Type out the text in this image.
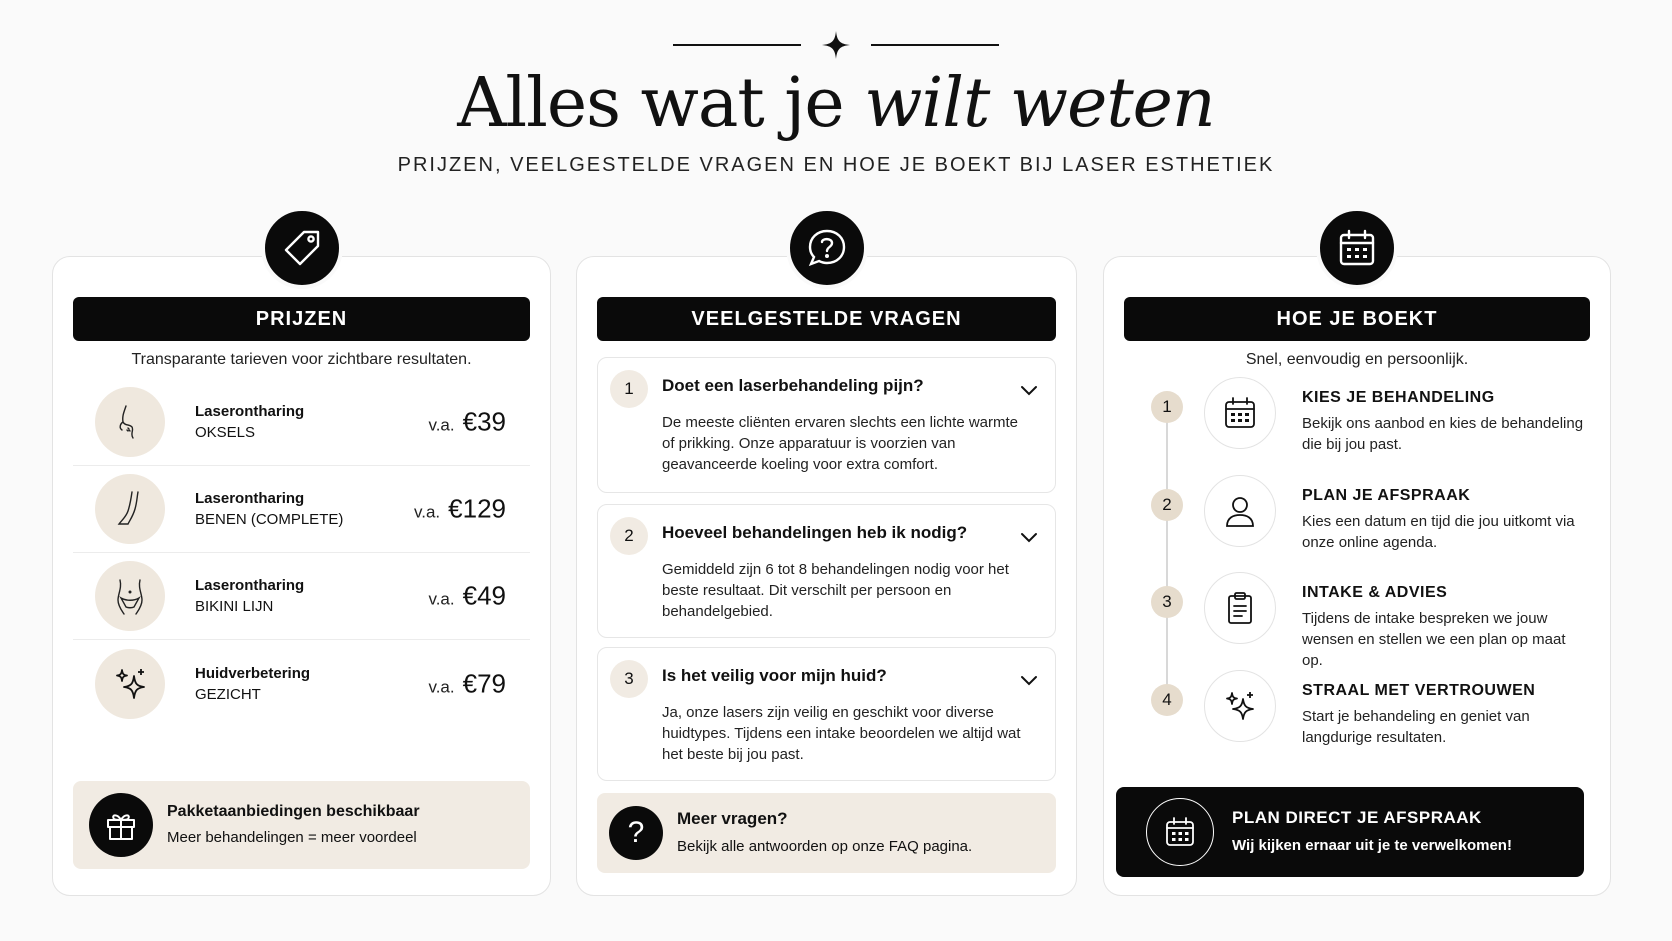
Alles wat je wilt weten
PRIJZEN, VEELGESTELDE VRAGEN EN HOE JE BOEKT BIJ LASER ESTHETIEK
PRIJZEN
Transparante tarieven voor zichtbare resultaten.
Laserontharing
OKSELS	v.a. €39
Laserontharing
BENEN (COMPLETE)	v.a. €129
Laserontharing
BIKINI LIJN	v.a. €49
Huidverbetering
GEZICHT	v.a. €79
Pakketaanbiedingen beschikbaar
Meer behandelingen = meer voordeel
VEELGESTELDE VRAGEN
1	Doet een laserbehandeling pijn?
De meeste cliënten ervaren slechts een lichte warmte of prikking. Onze apparatuur is voorzien van geavanceerde koeling voor extra comfort.
2	Hoeveel behandelingen heb ik nodig?
Gemiddeld zijn 6 tot 8 behandelingen nodig voor het beste resultaat. Dit verschilt per persoon en behandelgebied.
3	Is het veilig voor mijn huid?
Ja, onze lasers zijn veilig en geschikt voor diverse huidtypes. Tijdens een intake beoordelen we altijd wat het beste bij jou past.
?	Meer vragen?
Bekijk alle antwoorden op onze FAQ pagina.
HOE JE BOEKT
Snel, eenvoudig en persoonlijk.
1	KIES JE BEHANDELING
Bekijk ons aanbod en kies de behandeling die bij jou past.
2	PLAN JE AFSPRAAK
Kies een datum en tijd die jou uitkomt via onze online agenda.
3	INTAKE & ADVIES
Tijdens de intake bespreken we jouw wensen en stellen we een plan op maat op.
4	STRAAL MET VERTROUWEN
Start je behandeling en geniet van langdurige resultaten.
PLAN DIRECT JE AFSPRAAK
Wij kijken ernaar uit je te verwelkomen!
